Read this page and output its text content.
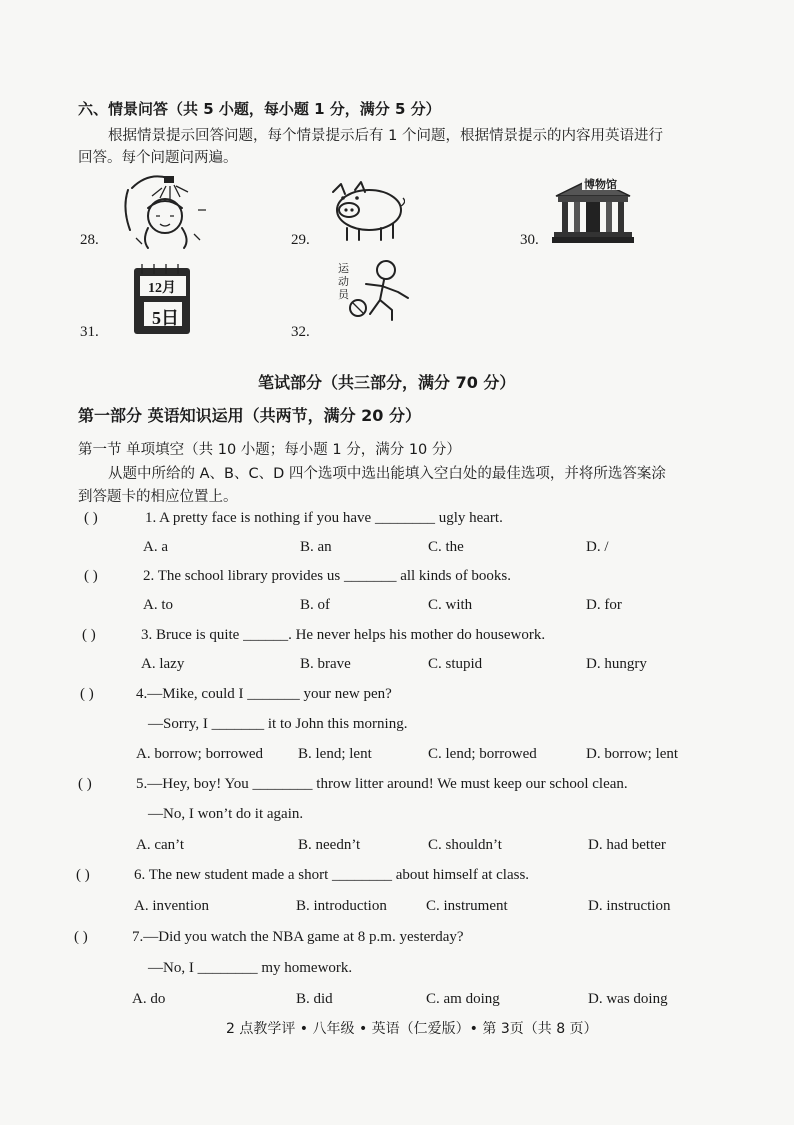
六、情景问答（共 5 小题，每小题 1 分，满分 5 分）
根据情景提示回答问题，每个情景提示后有 1 个问题，根据情景提示的内容用英语进行
回答。每个问题问两遍。
28.	29.	30.
博物馆
31.
12月
5日
32.
运
动
员
笔试部分（共三部分，满分 70 分）
第一部分 英语知识运用（共两节，满分 20 分）
第一节 单项填空（共 10 小题；每小题 1 分，满分 10 分）
从题中所给的 A、B、C、D 四个选项中选出能填入空白处的最佳选项，并将所选答案涂
到答题卡的相应位置上。
( )	1. A pretty face is nothing if you have ________ ugly heart.
A. a	B. an	C. the	D. /
( )	2. The school library provides us _______ all kinds of books.
A. to	B. of	C. with	D. for
( )	3. Bruce is quite ______. He never helps his mother do housework.
A. lazy	B. brave	C. stupid	D. hungry
( )	4.—Mike, could I _______ your new pen?
—Sorry, I _______ it to John this morning.
A. borrow; borrowed B. lend; lent	C. lend; borrowed	D. borrow; lent
( )	5.—Hey, boy! You ________ throw litter around! We must keep our school clean.
—No, I won’t do it again.
A. can’t	B. needn’t	C. shouldn’t	D. had better
( )	6. The new student made a short ________ about himself at class.
A. invention	B. introduction	C. instrument	D. instruction
( )	7.—Did you watch the NBA game at 8 p.m. yesterday?
—No, I ________ my homework.
A. do	B. did	C. am doing	D. was doing
2 点教学评 • 八年级 • 英语（仁爱版）• 第 3页（共 8 页）
